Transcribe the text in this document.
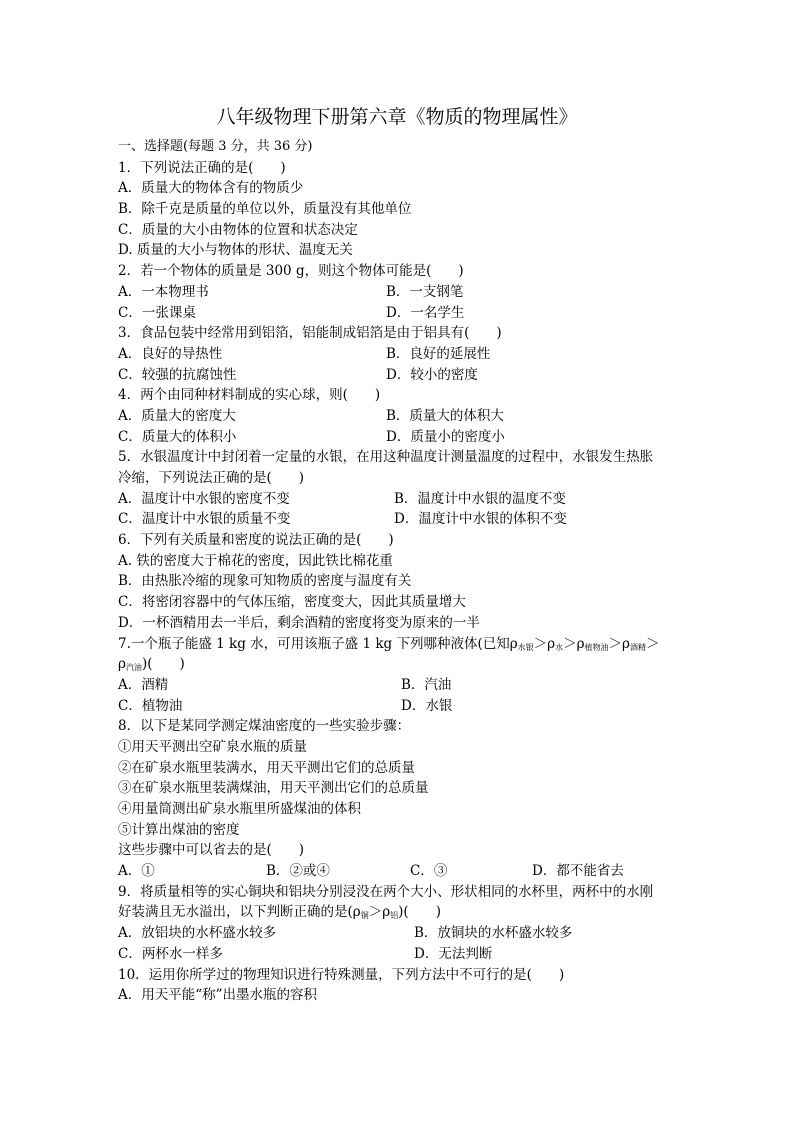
八年级物理下册第六章《物质的物理属性》
一、选择题(每题 3 分，共 36 分)
1．下列说法正确的是(　　)
A．质量大的物体含有的物质少
B．除千克是质量的单位以外，质量没有其他单位
C．质量的大小由物体的位置和状态决定
D. 质量的大小与物体的形状、温度无关
2．若一个物体的质量是 300 g，则这个物体可能是(　　)
A．一本物理书	B．一支钢笔
C．一张课桌	D．一名学生
3．食品包装中经常用到铝箔，铝能制成铝箔是由于铝具有(　　)
A．良好的导热性	B．良好的延展性
C．较强的抗腐蚀性	D．较小的密度
4．两个由同种材料制成的实心球，则(　　)
A．质量大的密度大	B．质量大的体积大
C．质量大的体积小	D．质量小的密度小
5．水银温度计中封闭着一定量的水银，在用这种温度计测量温度的过程中，水银发生热胀
冷缩，下列说法正确的是(　　)
A．温度计中水银的密度不变	B．温度计中水银的温度不变
C．温度计中水银的质量不变	D．温度计中水银的体积不变
6．下列有关质量和密度的说法正确的是(　　)
A. 铁的密度大于棉花的密度，因此铁比棉花重
B．由热胀冷缩的现象可知物质的密度与温度有关
C．将密闭容器中的气体压缩，密度变大，因此其质量增大
D．一杯酒精用去一半后，剩余酒精的密度将变为原来的一半
7.一个瓶子能盛 1 kg 水，可用该瓶子盛 1 kg 下列哪种液体(已知$\rho_{水银}>\rho_水>\rho_{植物油}>\rho_{酒精}>$
$\rho_{汽油}$)(　　)
A．酒精	B．汽油
C．植物油	D．水银
8．以下是某同学测定煤油密度的一些实验步骤：
①用天平测出空矿泉水瓶的质量
②在矿泉水瓶里装满水，用天平测出它们的总质量
③在矿泉水瓶里装满煤油，用天平测出它们的总质量
④用量筒测出矿泉水瓶里所盛煤油的体积
⑤计算出煤油的密度
这些步骤中可以省去的是(　　)
A．①	B．②或④	C．③	D．都不能省去
9．将质量相等的实心铜块和铝块分别浸没在两个大小、形状相同的水杯里，两杯中的水刚
好装满且无水溢出，以下判断正确的是$(\rho_铜>\rho_铝)$(　　)
A．放铝块的水杯盛水较多	B．放铜块的水杯盛水较多
C．两杯水一样多	D．无法判断
10．运用你所学过的物理知识进行特殊测量，下列方法中不可行的是(　　)
A．用天平能“称”出墨水瓶的容积
